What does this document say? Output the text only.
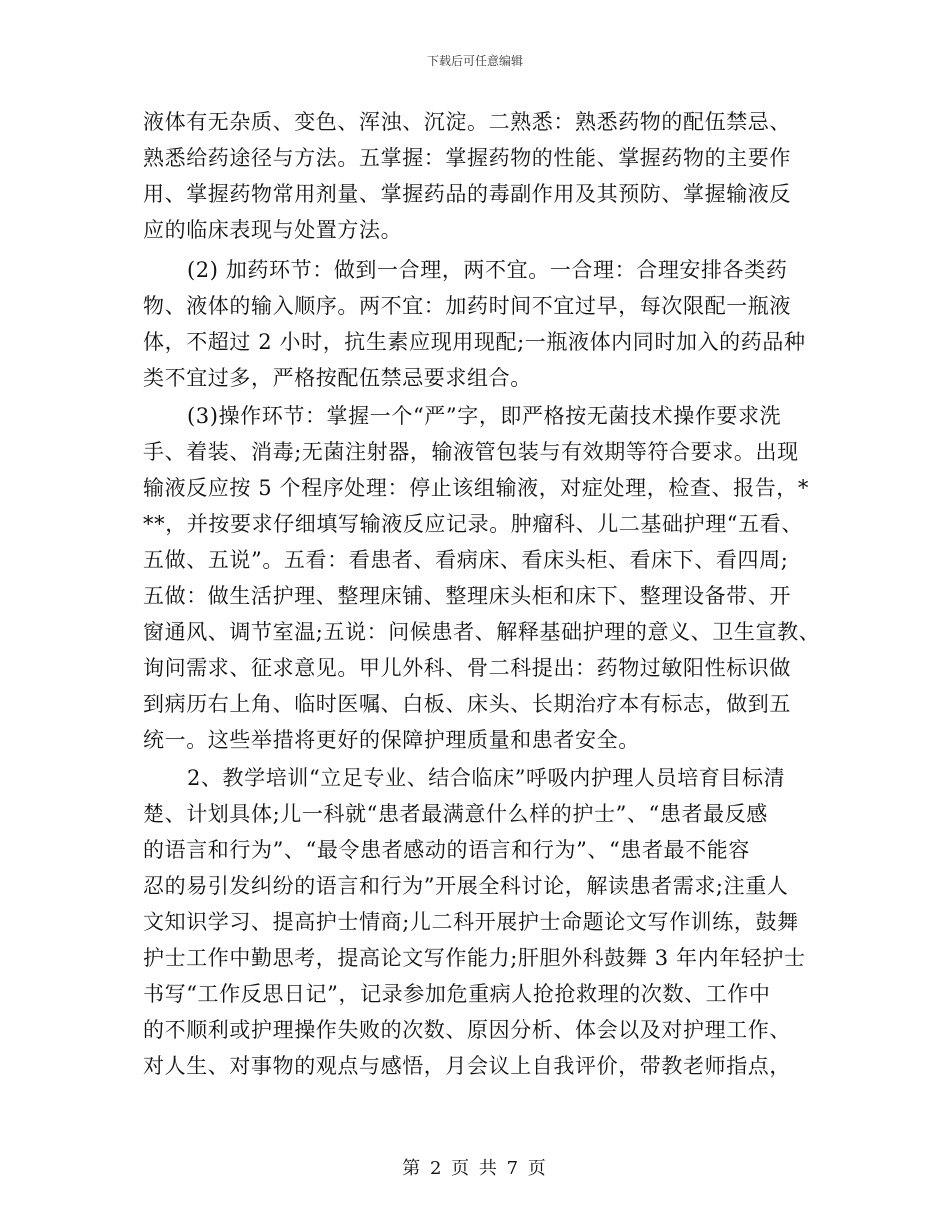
下载后可任意编辑
液体有无杂质、变色、浑浊、沉淀。二熟悉：熟悉药物的配伍禁忌、
熟悉给药途径与方法。五掌握：掌握药物的性能、掌握药物的主要作
用、掌握药物常用剂量、掌握药品的毒副作用及其预防、掌握输液反
应的临床表现与处置方法。
(2) 加药环节：做到一合理，两不宜。一合理：合理安排各类药
物、液体的输入顺序。两不宜：加药时间不宜过早，每次限配一瓶液
体，不超过 2 小时，抗生素应现用现配;一瓶液体内同时加入的药品种
类不宜过多，严格按配伍禁忌要求组合。
(3)操作环节：掌握一个“严”字，即严格按无菌技术操作要求洗
手、着装、消毒;无菌注射器，输液管包装与有效期等符合要求。出现
输液反应按 5 个程序处理：停止该组输液，对症处理，检查、报告，*
**，并按要求仔细填写输液反应记录。肿瘤科、儿二基础护理“五看、
五做、五说”。五看：看患者、看病床、看床头柜、看床下、看四周;
五做：做生活护理、整理床铺、整理床头柜和床下、整理设备带、开
窗通风、调节室温;五说：问候患者、解释基础护理的意义、卫生宣教、
询问需求、征求意见。甲儿外科、骨二科提出：药物过敏阳性标识做
到病历右上角、临时医嘱、白板、床头、长期治疗本有标志，做到五
统一。这些举措将更好的保障护理质量和患者安全。
2、教学培训“立足专业、结合临床”呼吸内护理人员培育目标清
楚、计划具体;儿一科就“患者最满意什么样的护士”、“患者最反感
的语言和行为”、“最令患者感动的语言和行为”、“患者最不能容
忍的易引发纠纷的语言和行为”开展全科讨论，解读患者需求;注重人
文知识学习、提高护士情商;儿二科开展护士命题论文写作训练，鼓舞
护士工作中勤思考，提高论文写作能力;肝胆外科鼓舞 3 年内年轻护士
书写“工作反思日记”，记录参加危重病人抢抢救理的次数、工作中
的不顺利或护理操作失败的次数、原因分析、体会以及对护理工作、
对人生、对事物的观点与感悟，月会议上自我评价，带教老师指点，
第 2 页 共 7 页
